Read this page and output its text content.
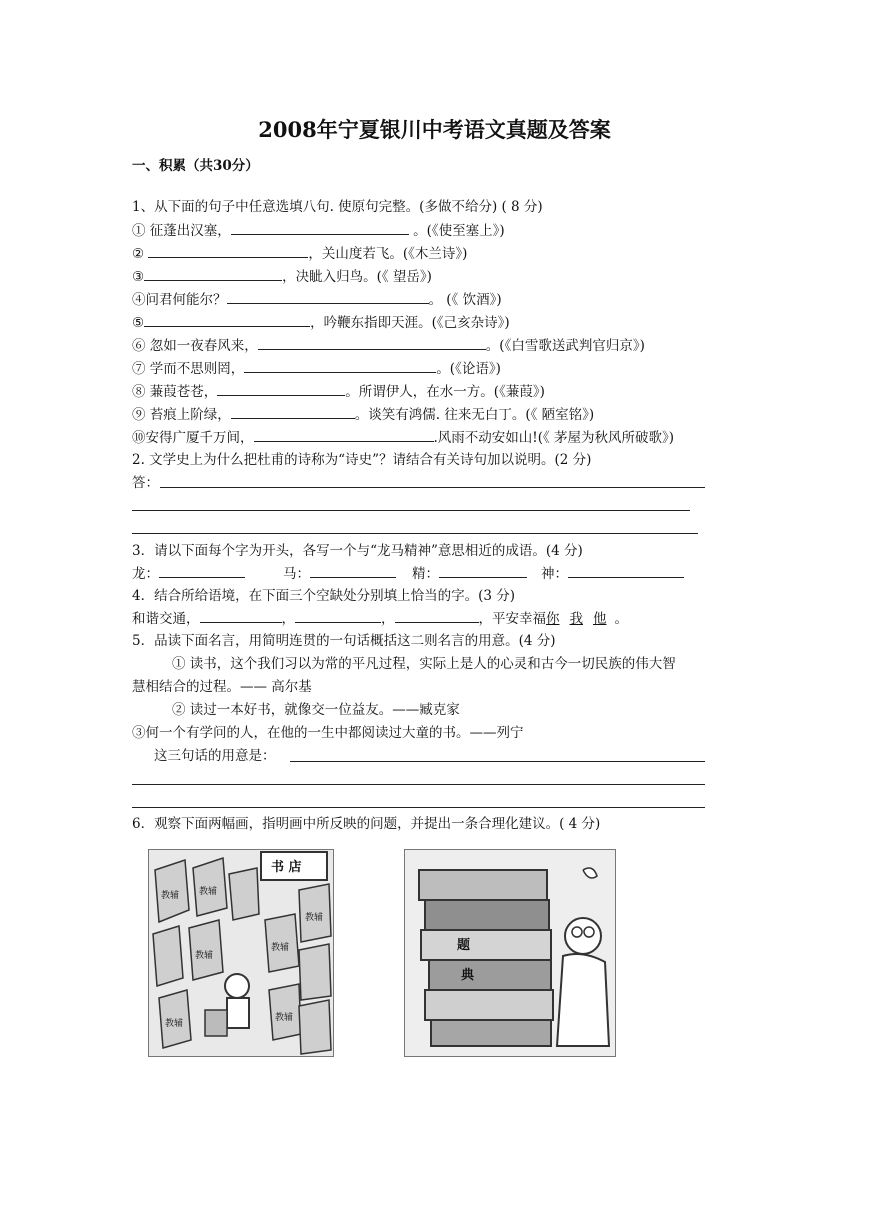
2008年宁夏银川中考语文真题及答案
一、积累（共30分）
1、从下面的句子中任意选填八句. 使原句完整。(多做不给分) ( 8 分)
① 征蓬出汉塞，	。(《使至塞上》)
②	，关山度若飞。(《木兰诗》)
③	，决眦入归鸟。(《 望岳》)
④问君何能尔？	。 (《 饮酒》)
⑤	，吟鞭东指即天涯。(《己亥杂诗》)
⑥ 忽如一夜春风来，	。(《白雪歌送武判官归京》)
⑦ 学而不思则罔，	。(《论语》)
⑧ 蒹葭苍苍，	。所谓伊人，在水一方。(《蒹葭》)
⑨ 苔痕上阶绿，	。谈笑有鸿儒. 往来无白丁。(《 陋室铭》)
⑩安得广厦千万间，	.风雨不动安如山!(《 茅屋为秋风所破歌》)
2. 文学史上为什么把杜甫的诗称为“诗史”？请结合有关诗句加以说明。(2 分)
答：
3．请以下面每个字为开头，各写一个与“龙马精神”意思相近的成语。(4 分)
龙：	马：	精：	神：
4．结合所给语境，在下面三个空缺处分别填上恰当的字。(3 分)
和谐交通，	，	，	，平安幸福你 我 他 。
5．品读下面名言，用简明连贯的一句话概括这二则名言的用意。(4 分)
① 读书，这个我们习以为常的平凡过程，实际上是人的心灵和古今一切民族的伟大智
慧相结合的过程。—— 高尔基
② 读过一本好书，就像交一位益友。——臧克家
③何一个有学问的人，在他的一生中都阅读过大童的书。——列宁
这三句话的用意是：
6．观察下面两幅画，指明画中所反映的问题，并提出一条合理化建议。( 4 分)
书 店
教辅 教辅
教辅
教辅
教辅
教辅
教辅
题
典
